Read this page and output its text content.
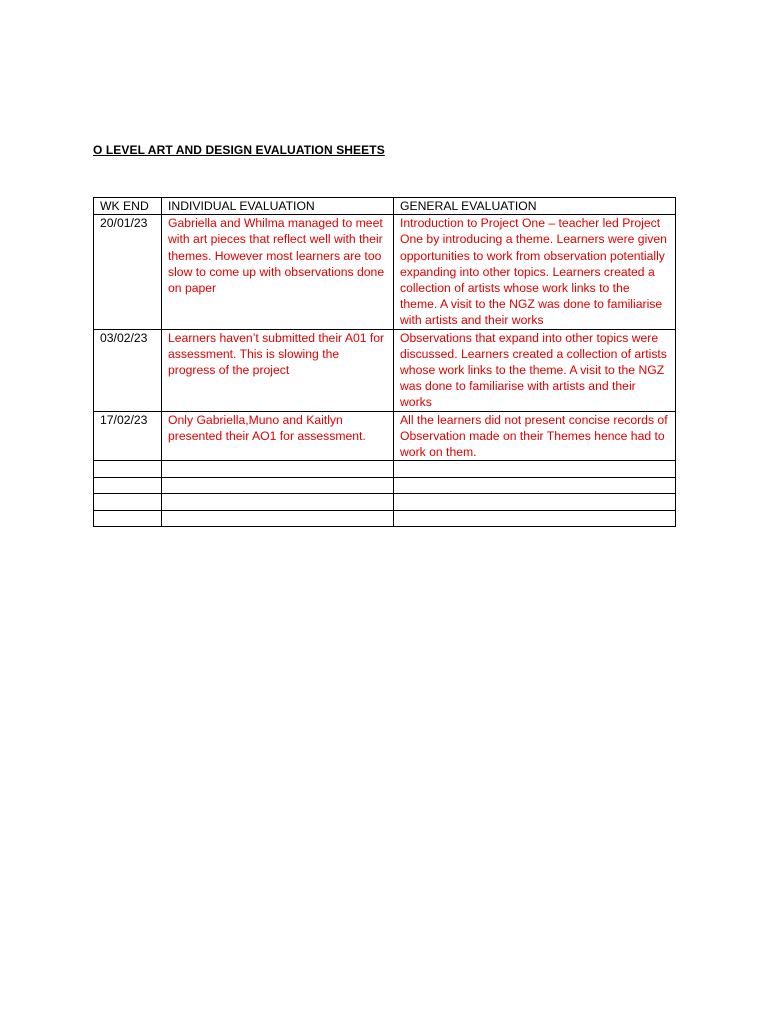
O LEVEL ART AND DESIGN EVALUATION SHEETS
WK END	INDIVIDUAL EVALUATION	GENERAL EVALUATION
20/01/23	Gabriella and Whilma managed to meet with art pieces that reflect well with their themes. However most learners are too slow to come up with observations done on paper	Introduction to Project One – teacher led Project One by introducing a theme. Learners were given opportunities to work from observation potentially expanding into other topics. Learners created a collection of artists whose work links to the theme. A visit to the NGZ was done to familiarise with artists and their works
03/02/23	Learners haven’t submitted their A01 for assessment. This is slowing the progress of the project	Observations that expand into other topics were discussed. Learners created a collection of artists whose work links to the theme. A visit to the NGZ was done to familiarise with artists and their works
17/02/23	Only Gabriella,Muno and Kaitlyn presented their AO1 for assessment.	All the learners did not present concise records of Observation made on their Themes hence had to work on them.
